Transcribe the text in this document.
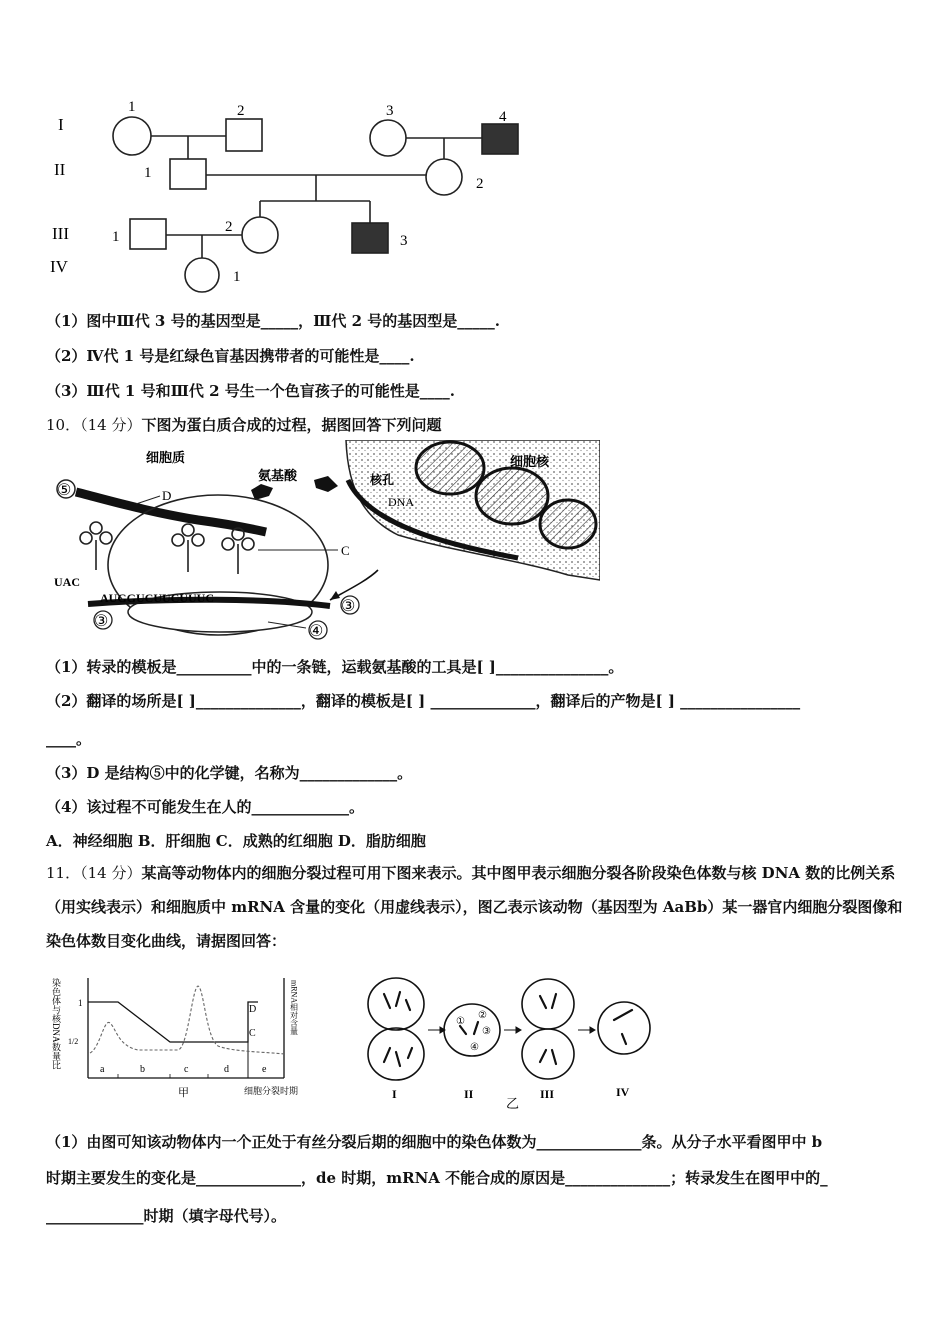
I
II
III
IV
1	2	3	4
1
2
1
2
3
1
（1）图中Ⅲ代 3 号的基因型是_____，Ⅲ代 2 号的基因型是_____.
（2）Ⅳ代 1 号是红绿色盲基因携带者的可能性是____.
（3）Ⅲ代 1 号和Ⅲ代 2 号生一个色盲孩子的可能性是____.
10．（14 分）下图为蛋白质合成的过程，据图回答下列问题
细胞质
氨基酸
细胞核
核孔
DNA
⑤	D
C
UAC
AUGGUCUUCUUUC	③
③
④
（1）转录的模板是__________中的一条链，运载氨基酸的工具是[ ]_______________。
（2）翻译的场所是[ ]______________，翻译的模板是[ ] ______________，翻译后的产物是[ ] ________________
____。
（3）D 是结构⑤中的化学键，名称为_____________。
（4）该过程不可能发生在人的_____________。
A．神经细胞 B．肝细胞 C．成熟的红细胞 D．脂肪细胞
11．（14 分）某高等动物体内的细胞分裂过程可用下图来表示。其中图甲表示细胞分裂各阶段染色体数与核 DNA 数的比例关系（用实线表示）和细胞质中 mRNA 含量的变化（用虚线表示），图乙表示该动物（基因型为 AaBb）某一器官内细胞分裂图像和染色体数目变化曲线，请据图回答：
染色体与核DNA数量比	mRNA相对含量
1
1/2
D
C
a	b	c	d	e
甲	细胞分裂时期
①
②
③
④
I	II	III	IV
乙
（1）由图可知该动物体内一个正处于有丝分裂后期的细胞中的染色体数为______________条。从分子水平看图甲中 b
时期主要发生的变化是______________，de 时期，mRNA 不能合成的原因是______________；转录发生在图甲中的_
_____________时期（填字母代号）。
